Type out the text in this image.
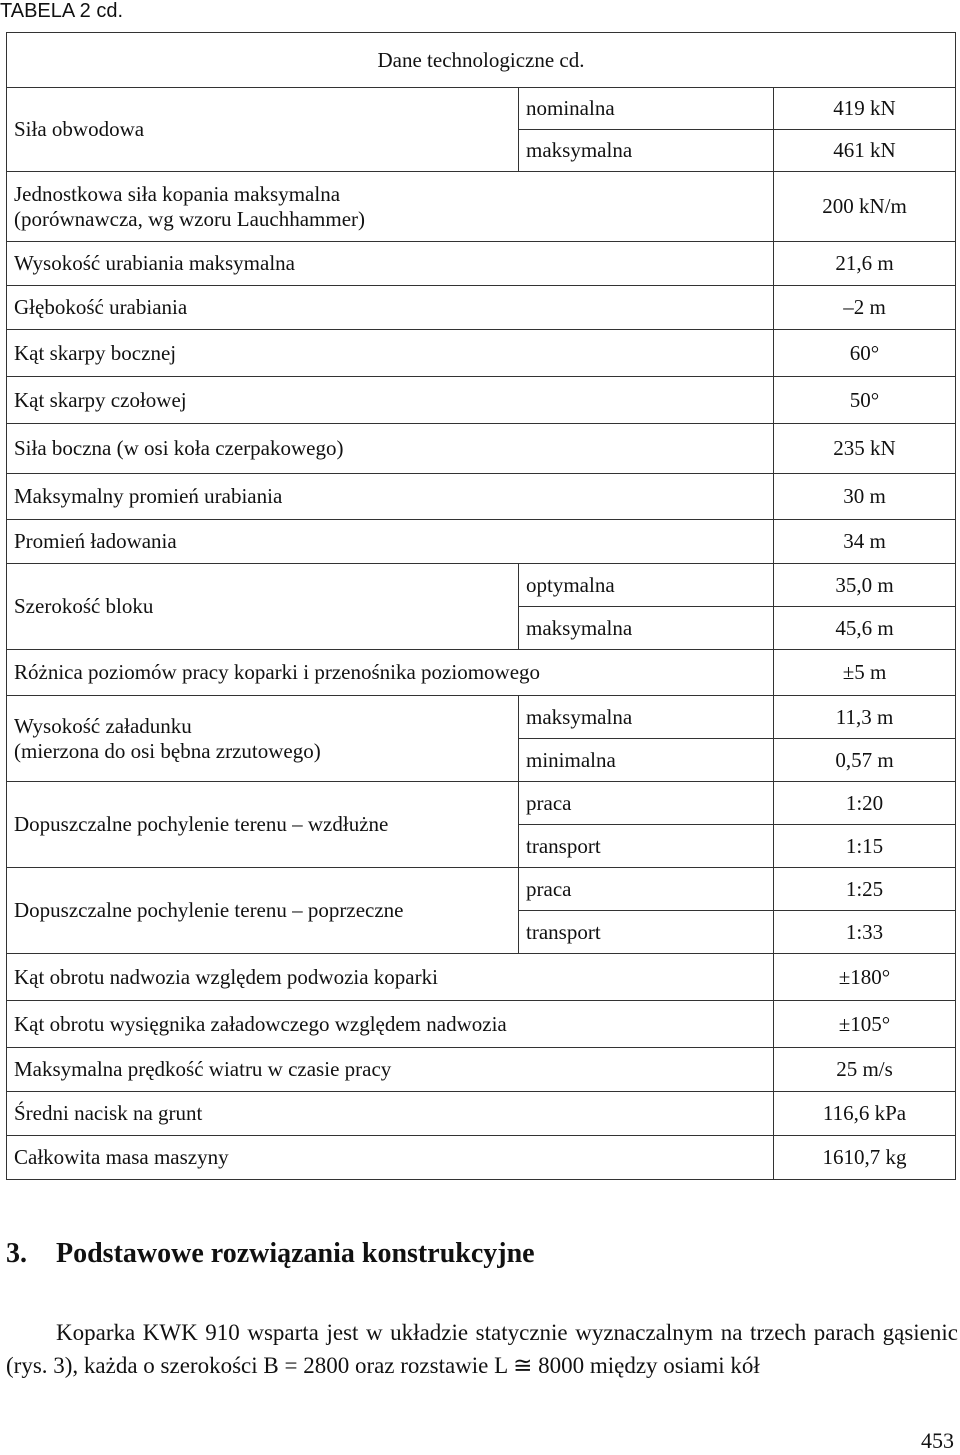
TABELA 2 cd.
Dane technologiczne cd.		
Siła obwodowa	nominalna	419 kN
	maksymalna	461 kN
Jednostkowa siła kopania maksymalna
(porównawcza, wg wzoru Lauchhammer)		200 kN/m
Wysokość urabiania maksymalna		21,6 m
Głębokość urabiania		–2 m
Kąt skarpy bocznej		60°
Kąt skarpy czołowej		50°
Siła boczna (w osi koła czerpakowego)		235 kN
Maksymalny promień urabiania		30 m
Promień ładowania		34 m
Szerokość bloku	optymalna	35,0 m
	maksymalna	45,6 m
Różnica poziomów pracy koparki i przenośnika poziomowego		±5 m
Wysokość załadunku
(mierzona do osi bębna zrzutowego)	maksymalna	11,3 m
	minimalna	0,57 m
Dopuszczalne pochylenie terenu – wzdłużne	praca	1:20
	transport	1:15
Dopuszczalne pochylenie terenu – poprzeczne	praca	1:25
	transport	1:33
Kąt obrotu nadwozia względem podwozia koparki		±180°
Kąt obrotu wysięgnika załadowczego względem nadwozia		±105°
Maksymalna prędkość wiatru w czasie pracy		25 m/s
Średni nacisk na grunt		116,6 kPa
Całkowita masa maszyny		1610,7 kg
3. Podstawowe rozwiązania konstrukcyjne
Koparka KWK 910 wsparta jest w układzie statycznie wyznaczalnym na trzech parach gąsienic (rys. 3), każda o szerokości B = 2800 oraz rozstawie L ≅ 8000 między osiami kół
453
